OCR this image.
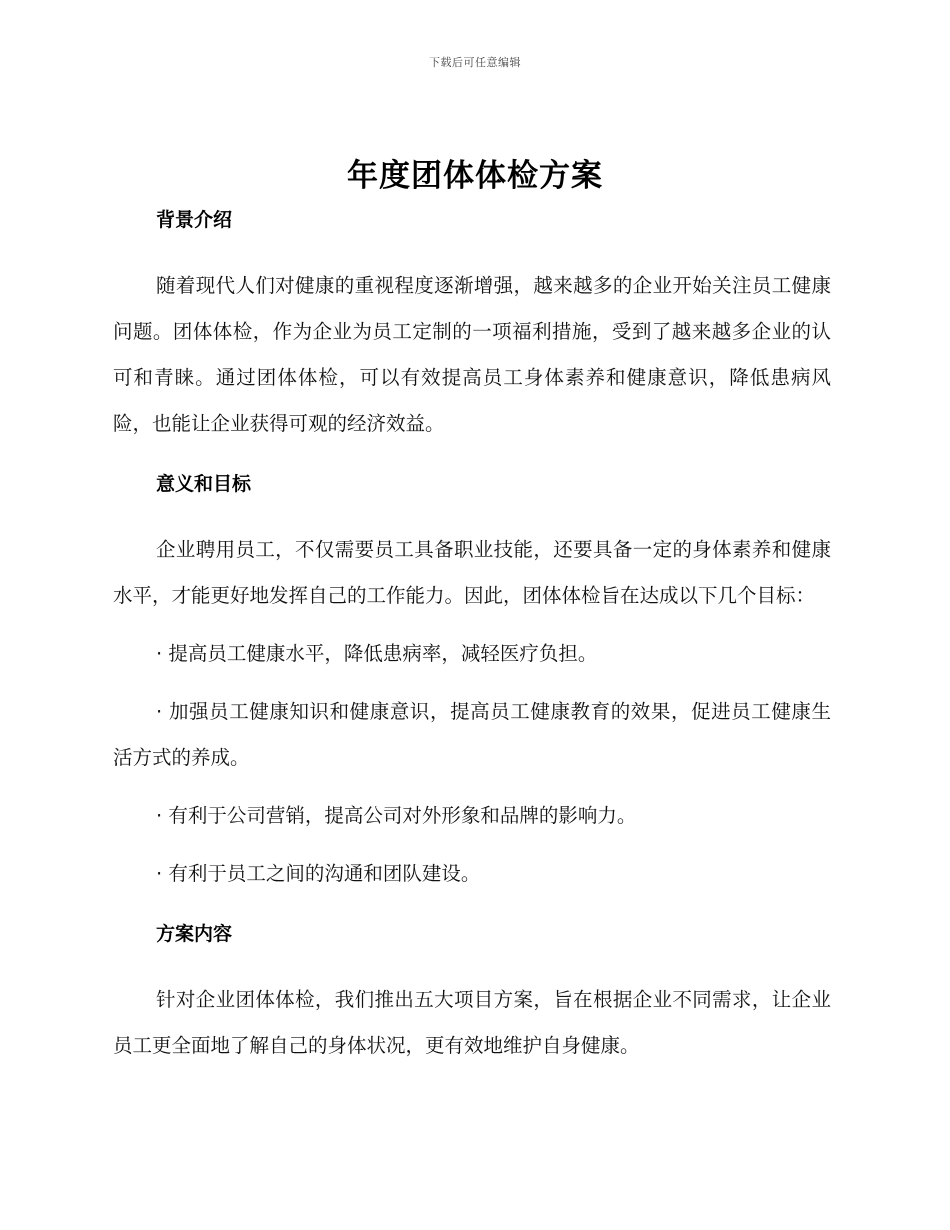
下载后可任意编辑
年度团体体检方案
背景介绍

随着现代人们对健康的重视程度逐渐增强，越来越多的企业开始关注员工健康问题。团体体检，作为企业为员工定制的一项福利措施，受到了越来越多企业的认可和青睐。通过团体体检，可以有效提高员工身体素养和健康意识，降低患病风险，也能让企业获得可观的经济效益。

意义和目标

企业聘用员工，不仅需要员工具备职业技能，还要具备一定的身体素养和健康水平，才能更好地发挥自己的工作能力。因此，团体体检旨在达成以下几个目标：

· 提高员工健康水平，降低患病率，减轻医疗负担。

· 加强员工健康知识和健康意识，提高员工健康教育的效果，促进员工健康生活方式的养成。

· 有利于公司营销，提高公司对外形象和品牌的影响力。

· 有利于员工之间的沟通和团队建设。

方案内容

针对企业团体体检，我们推出五大项目方案，旨在根据企业不同需求，让企业员工更全面地了解自己的身体状况，更有效地维护自身健康。
